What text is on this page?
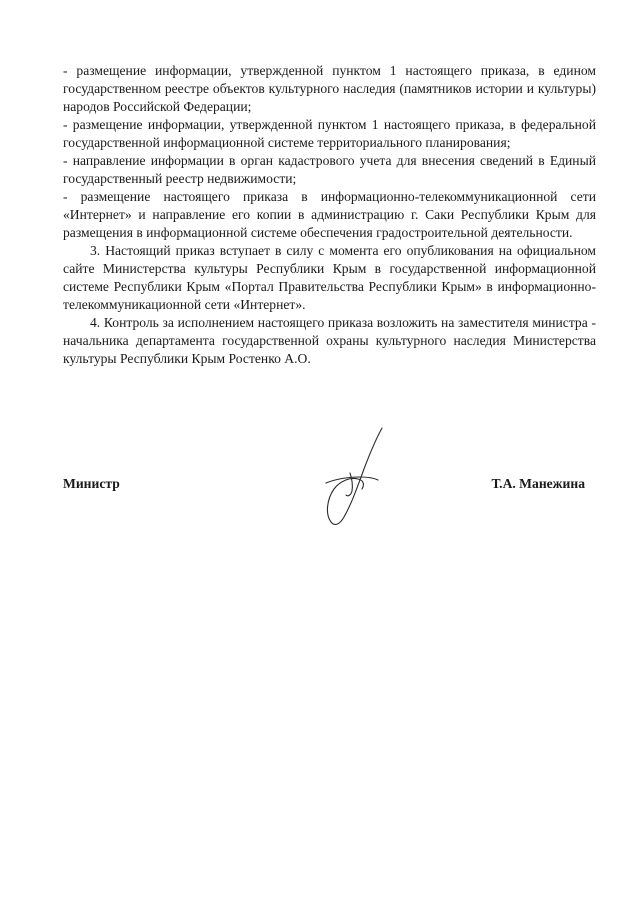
- размещение информации, утвержденной пунктом 1 настоящего приказа, в едином государственном реестре объектов культурного наследия (памятников истории и культуры) народов Российской Федерации;

- размещение информации, утвержденной пунктом 1 настоящего приказа, в федеральной государственной информационной системе территориального планирования;

- направление информации в орган кадастрового учета для внесения сведений в Единый государственный реестр недвижимости;

- размещение настоящего приказа в информационно-телекоммуникационной сети «Интернет» и направление его копии в администрацию г. Саки Республики Крым для размещения в информационной системе обеспечения градостроительной деятельности.

3. Настоящий приказ вступает в силу с момента его опубликования на официальном сайте Министерства культуры Республики Крым в государственной информационной системе Республики Крым «Портал Правительства Республики Крым» в информационно-телекоммуникационной сети «Интернет».

4. Контроль за исполнением настоящего приказа возложить на заместителя министра - начальника департамента государственной охраны культурного наследия Министерства культуры Республики Крым Ростенко А.О.

Министр	Т.А. Манежина
